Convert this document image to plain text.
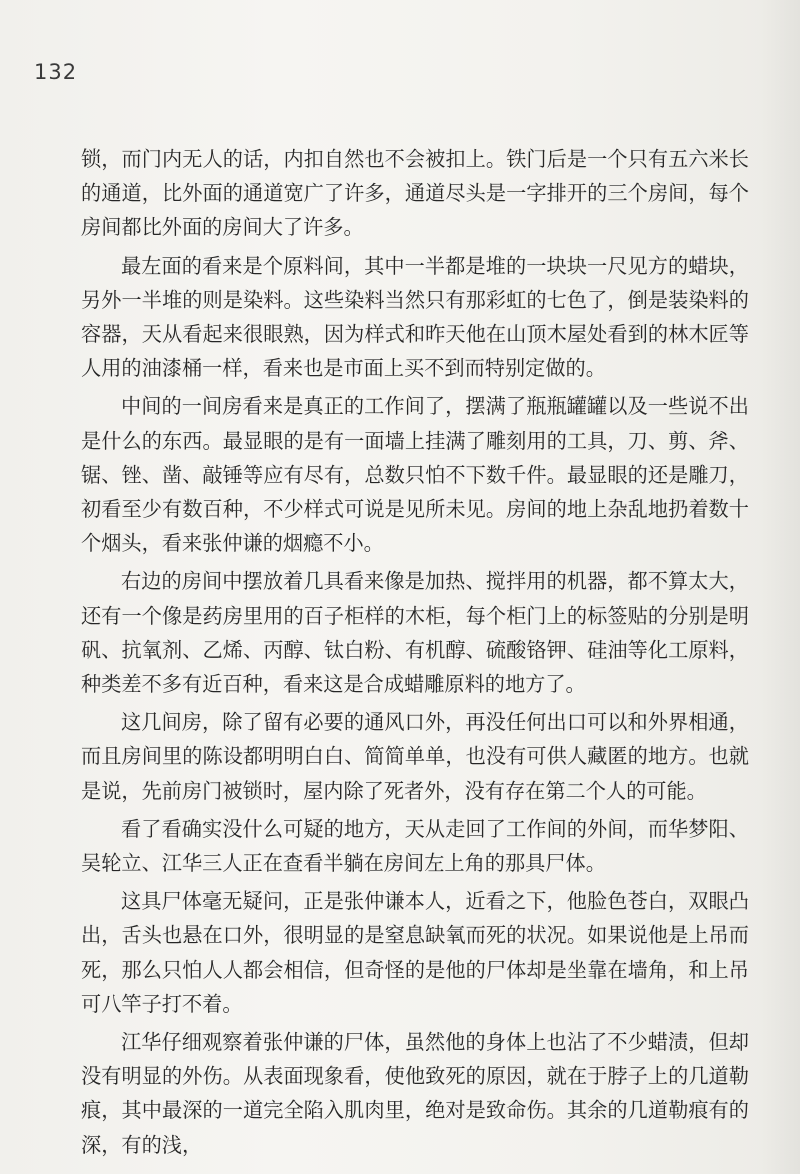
132

锁，而门内无人的话，内扣自然也不会被扣上。铁门后是一个只有五六米长的通道，比外面的通道宽广了许多，通道尽头是一字排开的三个房间，每个房间都比外面的房间大了许多。

最左面的看来是个原料间，其中一半都是堆的一块块一尺见方的蜡块，另外一半堆的则是染料。这些染料当然只有那彩虹的七色了，倒是装染料的容器，天从看起来很眼熟，因为样式和昨天他在山顶木屋处看到的林木匠等人用的油漆桶一样，看来也是市面上买不到而特别定做的。

中间的一间房看来是真正的工作间了，摆满了瓶瓶罐罐以及一些说不出是什么的东西。最显眼的是有一面墙上挂满了雕刻用的工具，刀、剪、斧、锯、锉、凿、敲锤等应有尽有，总数只怕不下数千件。最显眼的还是雕刀，初看至少有数百种，不少样式可说是见所未见。房间的地上杂乱地扔着数十个烟头，看来张仲谦的烟瘾不小。

右边的房间中摆放着几具看来像是加热、搅拌用的机器，都不算太大，还有一个像是药房里用的百子柜样的木柜，每个柜门上的标签贴的分别是明矾、抗氧剂、乙烯、丙醇、钛白粉、有机醇、硫酸铬钾、硅油等化工原料，种类差不多有近百种，看来这是合成蜡雕原料的地方了。

这几间房，除了留有必要的通风口外，再没任何出口可以和外界相通，而且房间里的陈设都明明白白、简简单单，也没有可供人藏匿的地方。也就是说，先前房门被锁时，屋内除了死者外，没有存在第二个人的可能。

看了看确实没什么可疑的地方，天从走回了工作间的外间，而华梦阳、吴轮立、江华三人正在查看半躺在房间左上角的那具尸体。

这具尸体毫无疑问，正是张仲谦本人，近看之下，他脸色苍白，双眼凸出，舌头也悬在口外，很明显的是窒息缺氧而死的状况。如果说他是上吊而死，那么只怕人人都会相信，但奇怪的是他的尸体却是坐靠在墙角，和上吊可八竿子打不着。

江华仔细观察着张仲谦的尸体，虽然他的身体上也沾了不少蜡渍，但却没有明显的外伤。从表面现象看，使他致死的原因，就在于脖子上的几道勒痕，其中最深的一道完全陷入肌肉里，绝对是致命伤。其余的几道勒痕有的深，有的浅，
